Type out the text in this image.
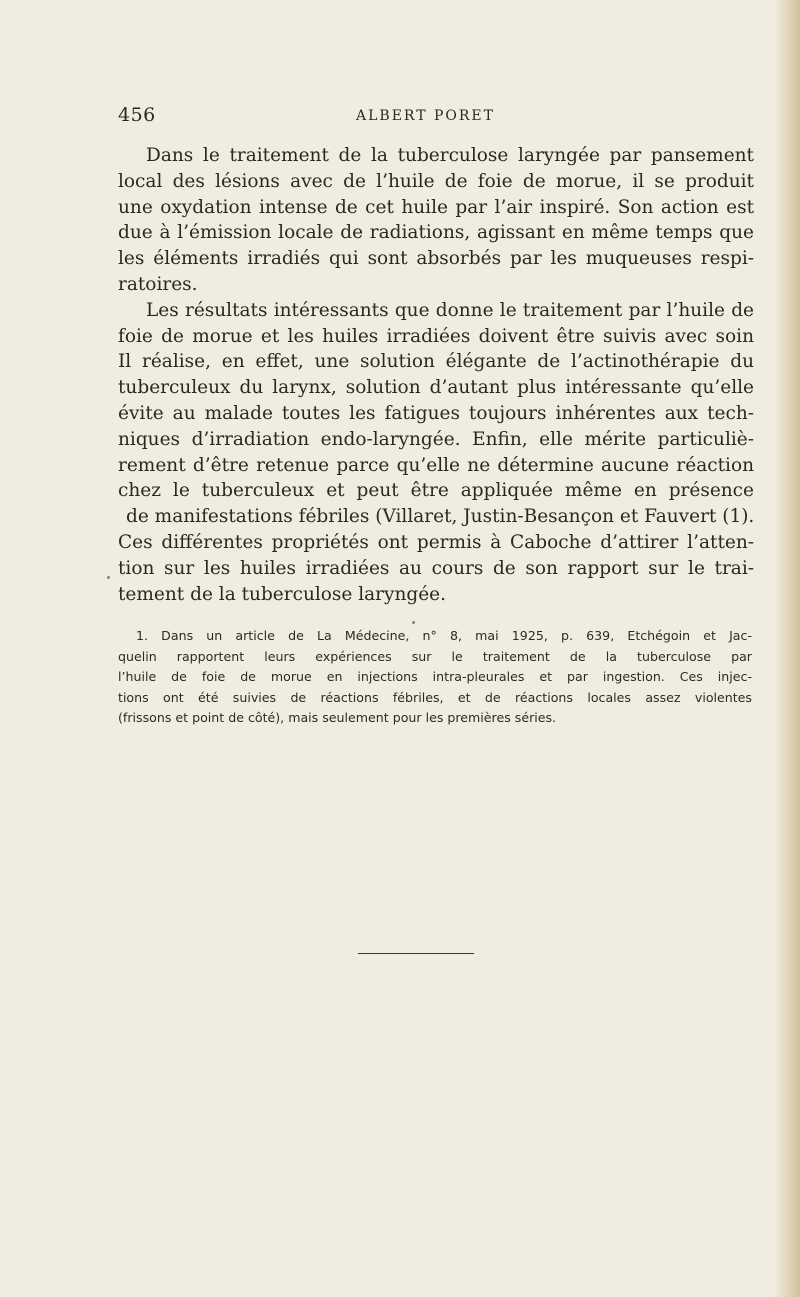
456	ALBERT PORET
Dans le traitement de la tuberculose laryngée par pansement
local des lésions avec de l’huile de foie de morue, il se produit
une oxydation intense de cet huile par l’air inspiré. Son action est
due à l’émission locale de radiations, agissant en même temps que
les éléments irradiés qui sont absorbés par les muqueuses respi-
ratoires.
Les résultats intéressants que donne le traitement par l’huile de
foie de morue et les huiles irradiées doivent être suivis avec soin
Il réalise, en effet, une solution élégante de l’actinothérapie du
tuberculeux du larynx, solution d’autant plus intéressante qu’elle
évite au malade toutes les fatigues toujours inhérentes aux tech-
niques d’irradiation endo-laryngée. Enfin, elle mérite particuliè-
rement d’être retenue parce qu’elle ne détermine aucune réaction
chez le tuberculeux et peut être appliquée même en présence
de manifestations fébriles (Villaret, Justin-Besançon et Fauvert (1).
Ces différentes propriétés ont permis à Caboche d’attirer l’atten-
tion sur les huiles irradiées au cours de son rapport sur le trai-
tement de la tuberculose laryngée.
1. Dans un article de La Médecine, n° 8, mai 1925, p. 639, Etchégoin et Jac-
quelin rapportent leurs expériences sur le traitement de la tuberculose par
l’huile de foie de morue en injections intra-pleurales et par ingestion. Ces injec-
tions ont été suivies de réactions fébriles, et de réactions locales assez violentes
(frissons et point de côté), mais seulement pour les premières séries.
